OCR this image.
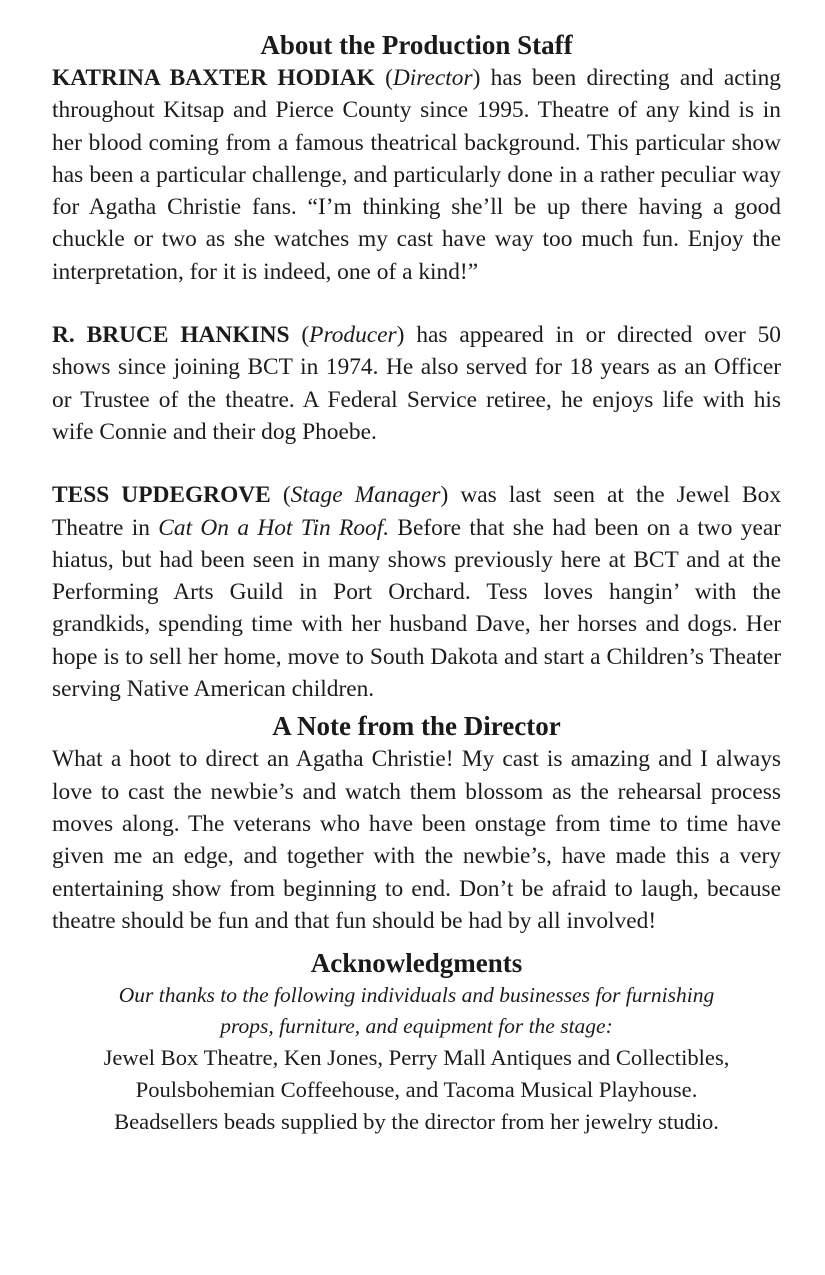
About the Production Staff

KATRINA BAXTER HODIAK (Director) has been directing and acting throughout Kitsap and Pierce County since 1995. Theatre of any kind is in her blood coming from a famous theatrical background. This particular show has been a particular challenge, and particularly done in a rather peculiar way for Agatha Christie fans. “I’m thinking she’ll be up there having a good chuckle or two as she watches my cast have way too much fun. Enjoy the interpretation, for it is indeed, one of a kind!”

R. BRUCE HANKINS (Producer) has appeared in or directed over 50 shows since joining BCT in 1974. He also served for 18 years as an Officer or Trustee of the theatre. A Federal Service retiree, he enjoys life with his wife Connie and their dog Phoebe.

TESS UPDEGROVE (Stage Manager) was last seen at the Jewel Box Theatre in Cat On a Hot Tin Roof. Before that she had been on a two year hiatus, but had been seen in many shows previously here at BCT and at the Performing Arts Guild in Port Orchard. Tess loves hangin’ with the grandkids, spending time with her husband Dave, her horses and dogs. Her hope is to sell her home, move to South Dakota and start a Children’s Theater serving Native American children.

A Note from the Director

What a hoot to direct an Agatha Christie! My cast is amazing and I always love to cast the newbie’s and watch them blossom as the rehearsal process moves along. The veterans who have been onstage from time to time have given me an edge, and together with the newbie’s, have made this a very entertaining show from beginning to end. Don’t be afraid to laugh, because theatre should be fun and that fun should be had by all involved!

Acknowledgments
Our thanks to the following individuals and businesses for furnishing
props, furniture, and equipment for the stage:
Jewel Box Theatre, Ken Jones, Perry Mall Antiques and Collectibles,
Poulsbohemian Coffeehouse, and Tacoma Musical Playhouse.
Beadsellers beads supplied by the director from her jewelry studio.
